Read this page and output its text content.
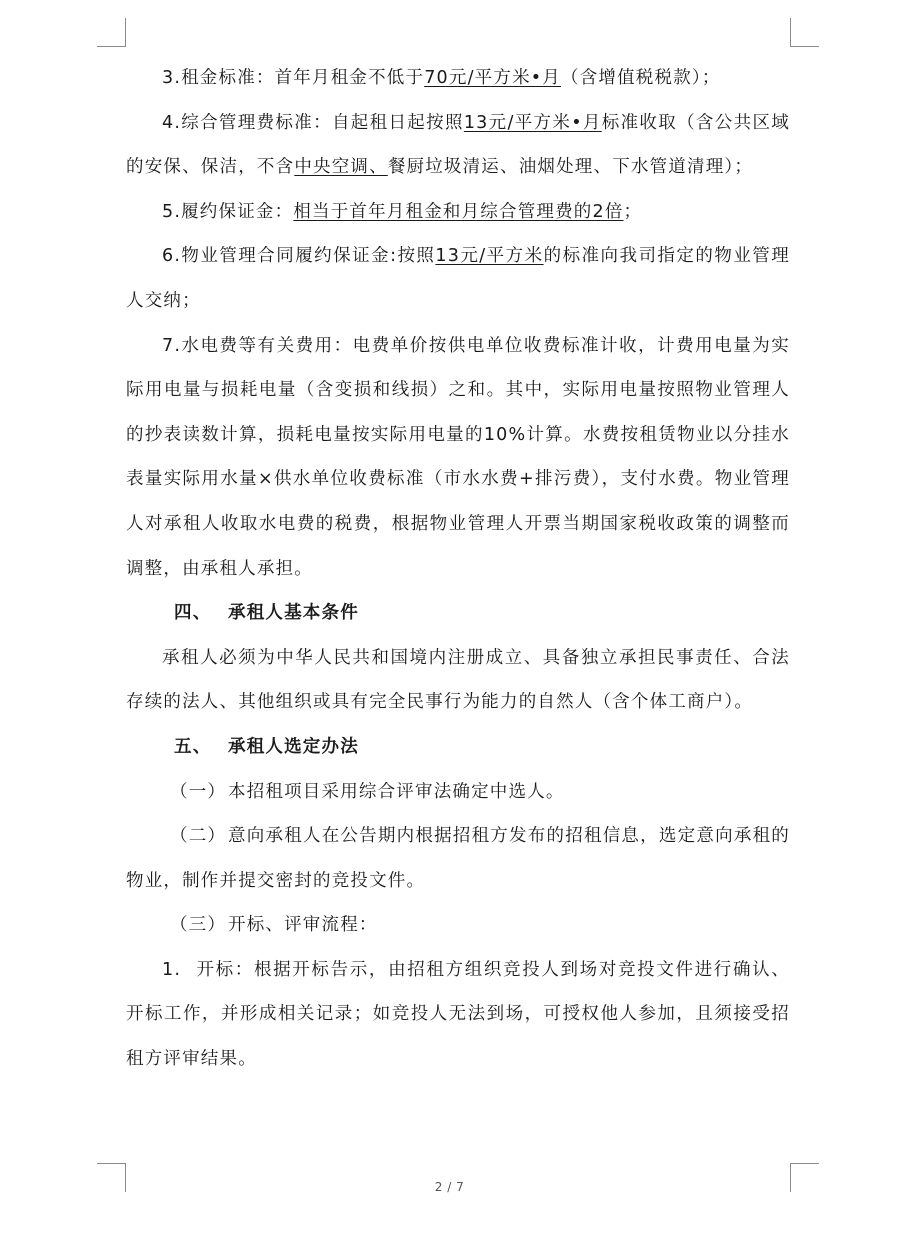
3.租金标准：首年月租金不低于70元/平方米•月（含增值税税款）；

4.综合管理费标准：自起租日起按照13元/平方米•月标准收取（含公共区域的安保、保洁，不含中央空调、餐厨垃圾清运、油烟处理、下水管道清理）；

5.履约保证金：相当于首年月租金和月综合管理费的2倍；

6.物业管理合同履约保证金:按照13元/平方米的标准向我司指定的物业管理人交纳；

7.水电费等有关费用：电费单价按供电单位收费标准计收，计费用电量为实际用电量与损耗电量（含变损和线损）之和。其中，实际用电量按照物业管理人的抄表读数计算，损耗电量按实际用电量的10%计算。水费按租赁物业以分挂水表量实际用水量×供水单位收费标准（市水水费+排污费），支付水费。物业管理人对承租人收取水电费的税费，根据物业管理人开票当期国家税收政策的调整而调整，由承租人承担。

四、 承租人基本条件

承租人必须为中华人民共和国境内注册成立、具备独立承担民事责任、合法存续的法人、其他组织或具有完全民事行为能力的自然人（含个体工商户）。

五、 承租人选定办法

（一） 本招租项目采用综合评审法确定中选人。

（二） 意向承租人在公告期内根据招租方发布的招租信息，选定意向承租的物业，制作并提交密封的竞投文件。

（三） 开标、评审流程：

1. 开标：根据开标告示，由招租方组织竞投人到场对竞投文件进行确认、开标工作，并形成相关记录；如竞投人无法到场，可授权他人参加，且须接受招租方评审结果。

2 / 7
